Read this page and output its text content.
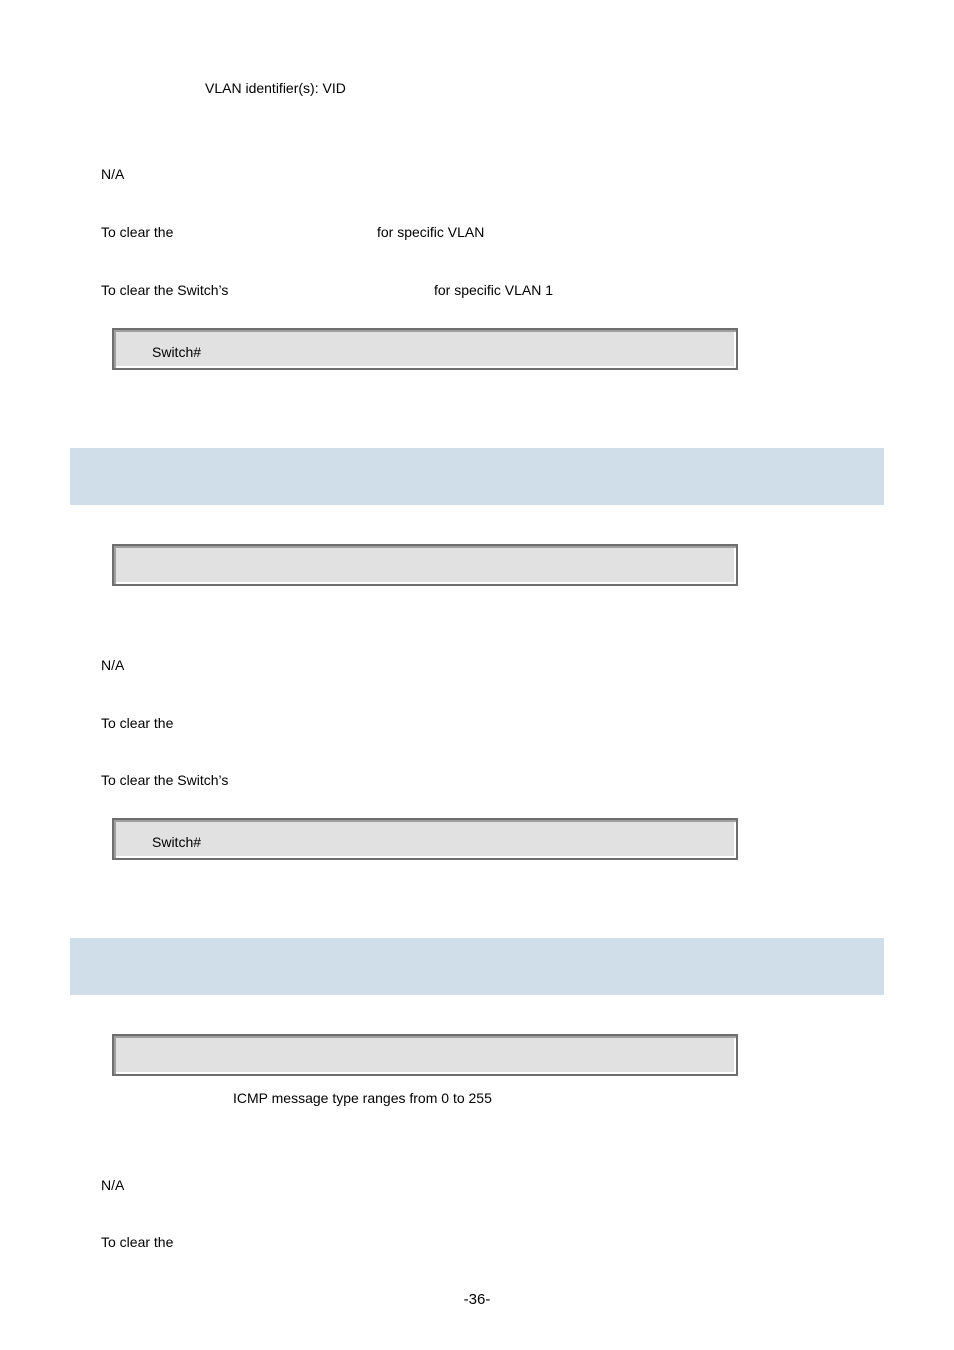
VLAN identifier(s): VID
N/A
To clear the	for specific VLAN
To clear the Switch’s	for specific VLAN 1
Switch#
N/A
To clear the
To clear the Switch’s
Switch#
ICMP message type ranges from 0 to 255
N/A
To clear the
-36-
